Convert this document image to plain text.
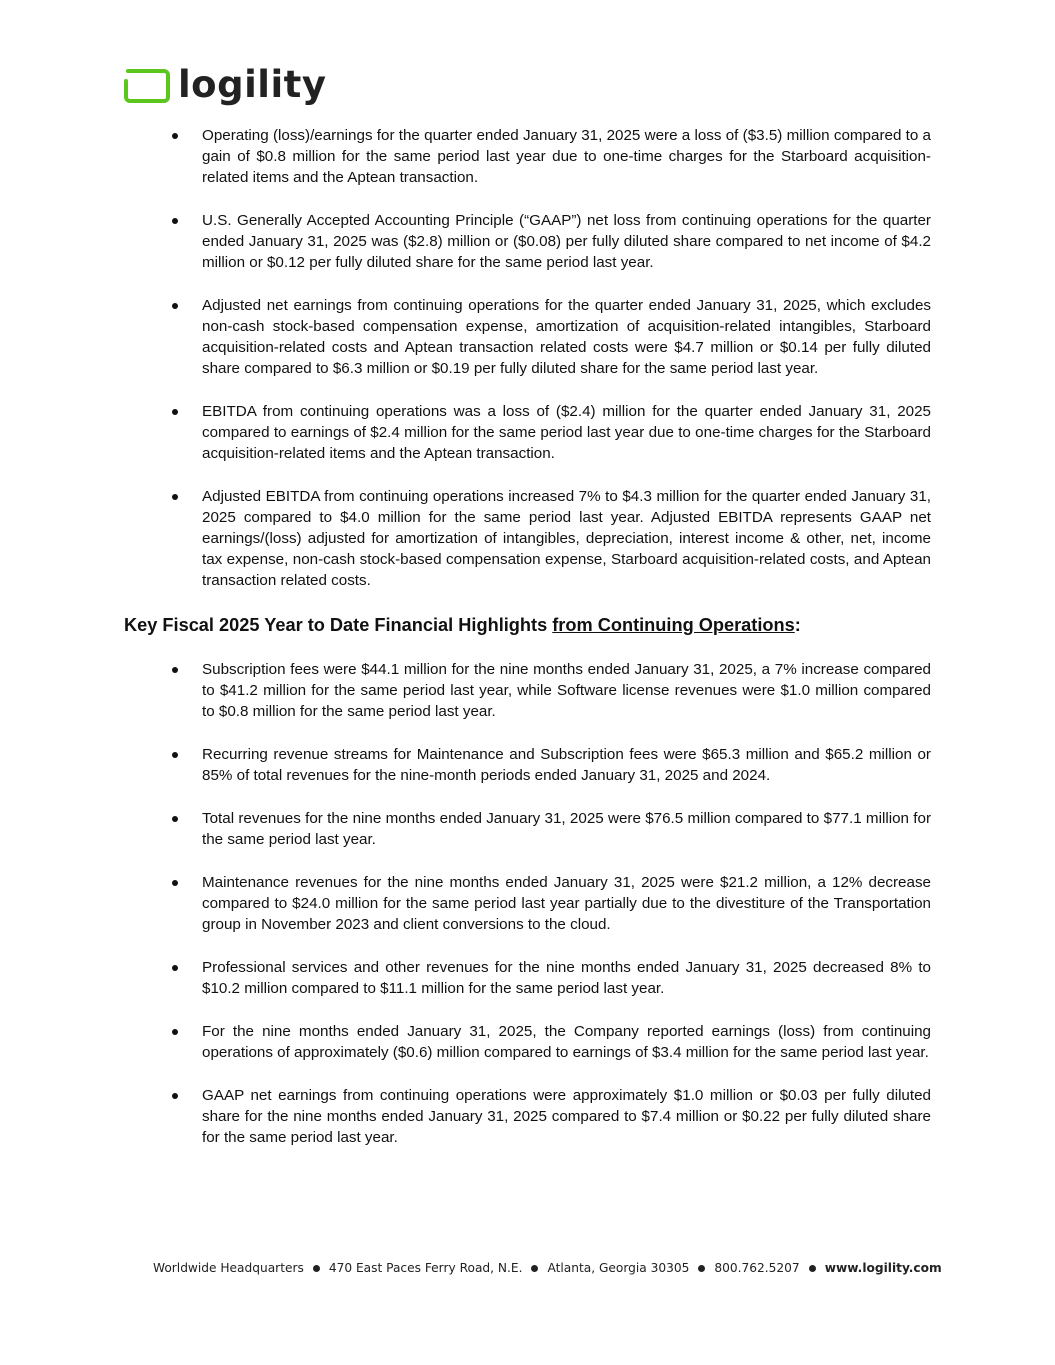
logility
Operating (loss)/earnings for the quarter ended January 31, 2025 were a loss of ($3.5) million compared to a gain of $0.8 million for the same period last year due to one-time charges for the Starboard acquisition-related items and the Aptean transaction.
U.S. Generally Accepted Accounting Principle (“GAAP”) net loss from continuing operations for the quarter ended January 31, 2025 was ($2.8) million or ($0.08) per fully diluted share compared to net income of $4.2 million or $0.12 per fully diluted share for the same period last year.
Adjusted net earnings from continuing operations for the quarter ended January 31, 2025, which excludes non-cash stock-based compensation expense, amortization of acquisition-related intangibles, Starboard acquisition-related costs and Aptean transaction related costs were $4.7 million or $0.14 per fully diluted share compared to $6.3 million or $0.19 per fully diluted share for the same period last year.
EBITDA from continuing operations was a loss of ($2.4) million for the quarter ended January 31, 2025 compared to earnings of $2.4 million for the same period last year due to one-time charges for the Starboard acquisition-related items and the Aptean transaction.
Adjusted EBITDA from continuing operations increased 7% to $4.3 million for the quarter ended January 31, 2025 compared to $4.0 million for the same period last year. Adjusted EBITDA represents GAAP net earnings/(loss) adjusted for amortization of intangibles, depreciation, interest income & other, net, income tax expense, non-cash stock-based compensation expense, Starboard acquisition-related costs, and Aptean transaction related costs.
Key Fiscal 2025 Year to Date Financial Highlights from Continuing Operations:
Subscription fees were $44.1 million for the nine months ended January 31, 2025, a 7% increase compared to $41.2 million for the same period last year, while Software license revenues were $1.0 million compared to $0.8 million for the same period last year.
Recurring revenue streams for Maintenance and Subscription fees were $65.3 million and $65.2 million or 85% of total revenues for the nine-month periods ended January 31, 2025 and 2024.
Total revenues for the nine months ended January 31, 2025 were $76.5 million compared to $77.1 million for the same period last year.
Maintenance revenues for the nine months ended January 31, 2025 were $21.2 million, a 12% decrease compared to $24.0 million for the same period last year partially due to the divestiture of the Transportation group in November 2023 and client conversions to the cloud.
Professional services and other revenues for the nine months ended January 31, 2025 decreased 8% to $10.2 million compared to $11.1 million for the same period last year.
For the nine months ended January 31, 2025, the Company reported earnings (loss) from continuing operations of approximately ($0.6) million compared to earnings of $3.4 million for the same period last year.
GAAP net earnings from continuing operations were approximately $1.0 million or $0.03 per fully diluted share for the nine months ended January 31, 2025 compared to $7.4 million or $0.22 per fully diluted share for the same period last year.
Worldwide Headquarters 470 East Paces Ferry Road, N.E. Atlanta, Georgia 30305 800.762.5207 www.logility.com
